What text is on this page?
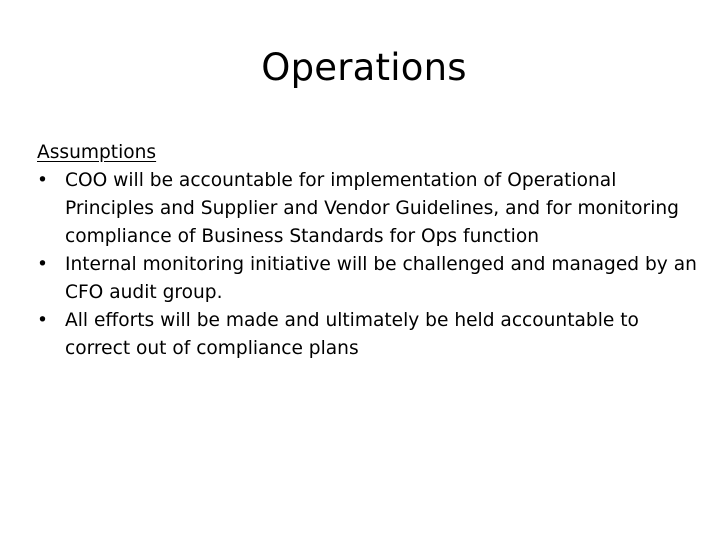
Operations
Assumptions
• COO will be accountable for implementation of Operational Principles and Supplier and Vendor Guidelines, and for monitoring compliance of Business Standards for Ops function
• Internal monitoring initiative will be challenged and managed by an CFO audit group.
• All efforts will be made and ultimately be held accountable to correct out of compliance plans
